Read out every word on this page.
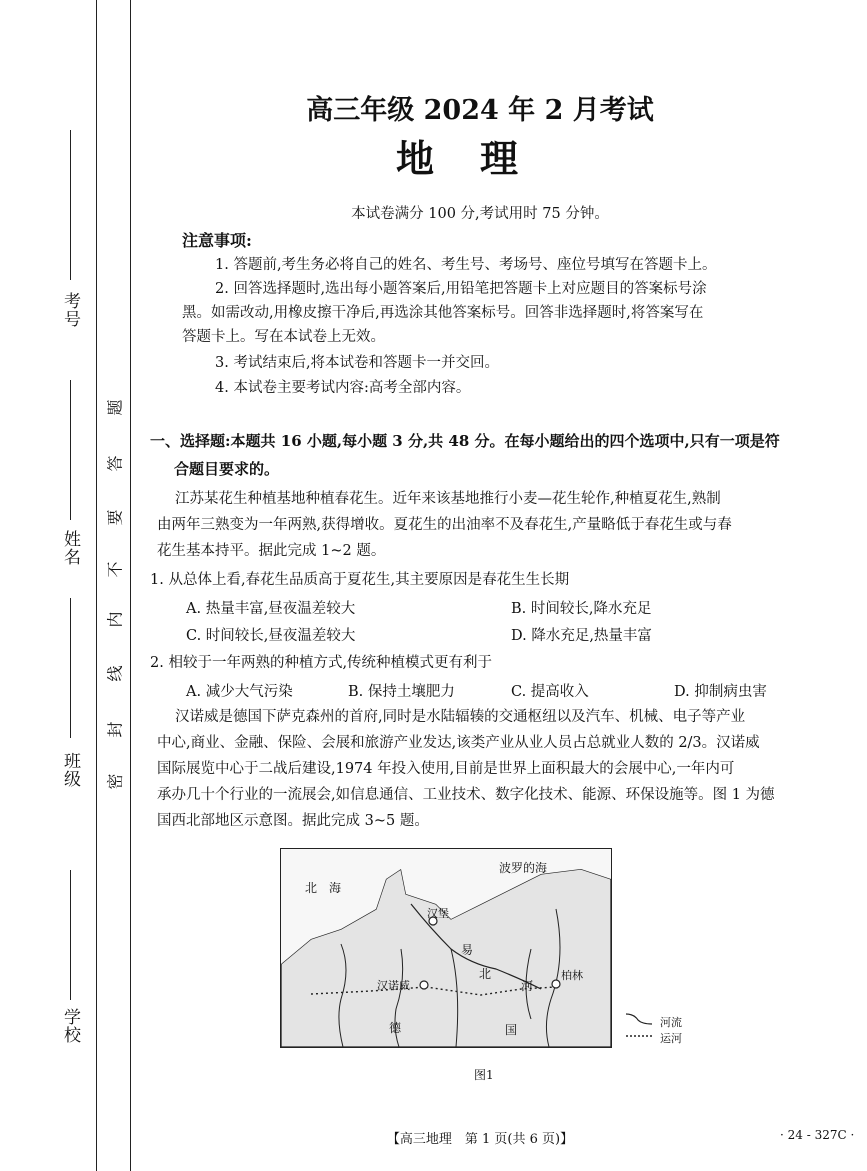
考号
姓名
班级
学校
题
答
要
不
内
线
封
密
高三年级 2024 年 2 月考试
地理
本试卷满分 100 分,考试用时 75 分钟。
注意事项:
1. 答题前,考生务必将自己的姓名、考生号、考场号、座位号填写在答题卡上。
2. 回答选择题时,选出每小题答案后,用铅笔把答题卡上对应题目的答案标号涂
黑。如需改动,用橡皮擦干净后,再选涂其他答案标号。回答非选择题时,将答案写在
答题卡上。写在本试卷上无效。
3. 考试结束后,将本试卷和答题卡一并交回。
4. 本试卷主要考试内容:高考全部内容。
一、选择题:本题共 16 小题,每小题 3 分,共 48 分。在每小题给出的四个选项中,只有一项是符
合题目要求的。
江苏某花生种植基地种植春花生。近年来该基地推行小麦—花生轮作,种植夏花生,熟制
由两年三熟变为一年两熟,获得增收。夏花生的出油率不及春花生,产量略低于春花生或与春
花生基本持平。据此完成 1~2 题。
1. 从总体上看,春花生品质高于夏花生,其主要原因是春花生生长期
A. 热量丰富,昼夜温差较大	B. 时间较长,降水充足
C. 时间较长,昼夜温差较大	D. 降水充足,热量丰富
2. 相较于一年两熟的种植方式,传统种植模式更有利于
A. 减少大气污染	B. 保持土壤肥力	C. 提高收入	D. 抑制病虫害
汉诺威是德国下萨克森州的首府,同时是水陆辐辏的交通枢纽以及汽车、机械、电子等产业
中心,商业、金融、保险、会展和旅游产业发达,该类产业从业人员占总就业人数的 2/3。汉诺威
国际展览中心于二战后建设,1974 年投入使用,目前是世界上面积最大的会展中心,一年内可
承办几十个行业的一流展会,如信息通信、工业技术、数字化技术、能源、环保设施等。图 1 为德
国西北部地区示意图。据此完成 3~5 题。
北　海
波罗的海
汉堡
汉诺威
柏林
易
北
河
德	国
河流
运河
图1
【高三地理　第 1 页(共 6 页)】	· 24 - 327C ·
